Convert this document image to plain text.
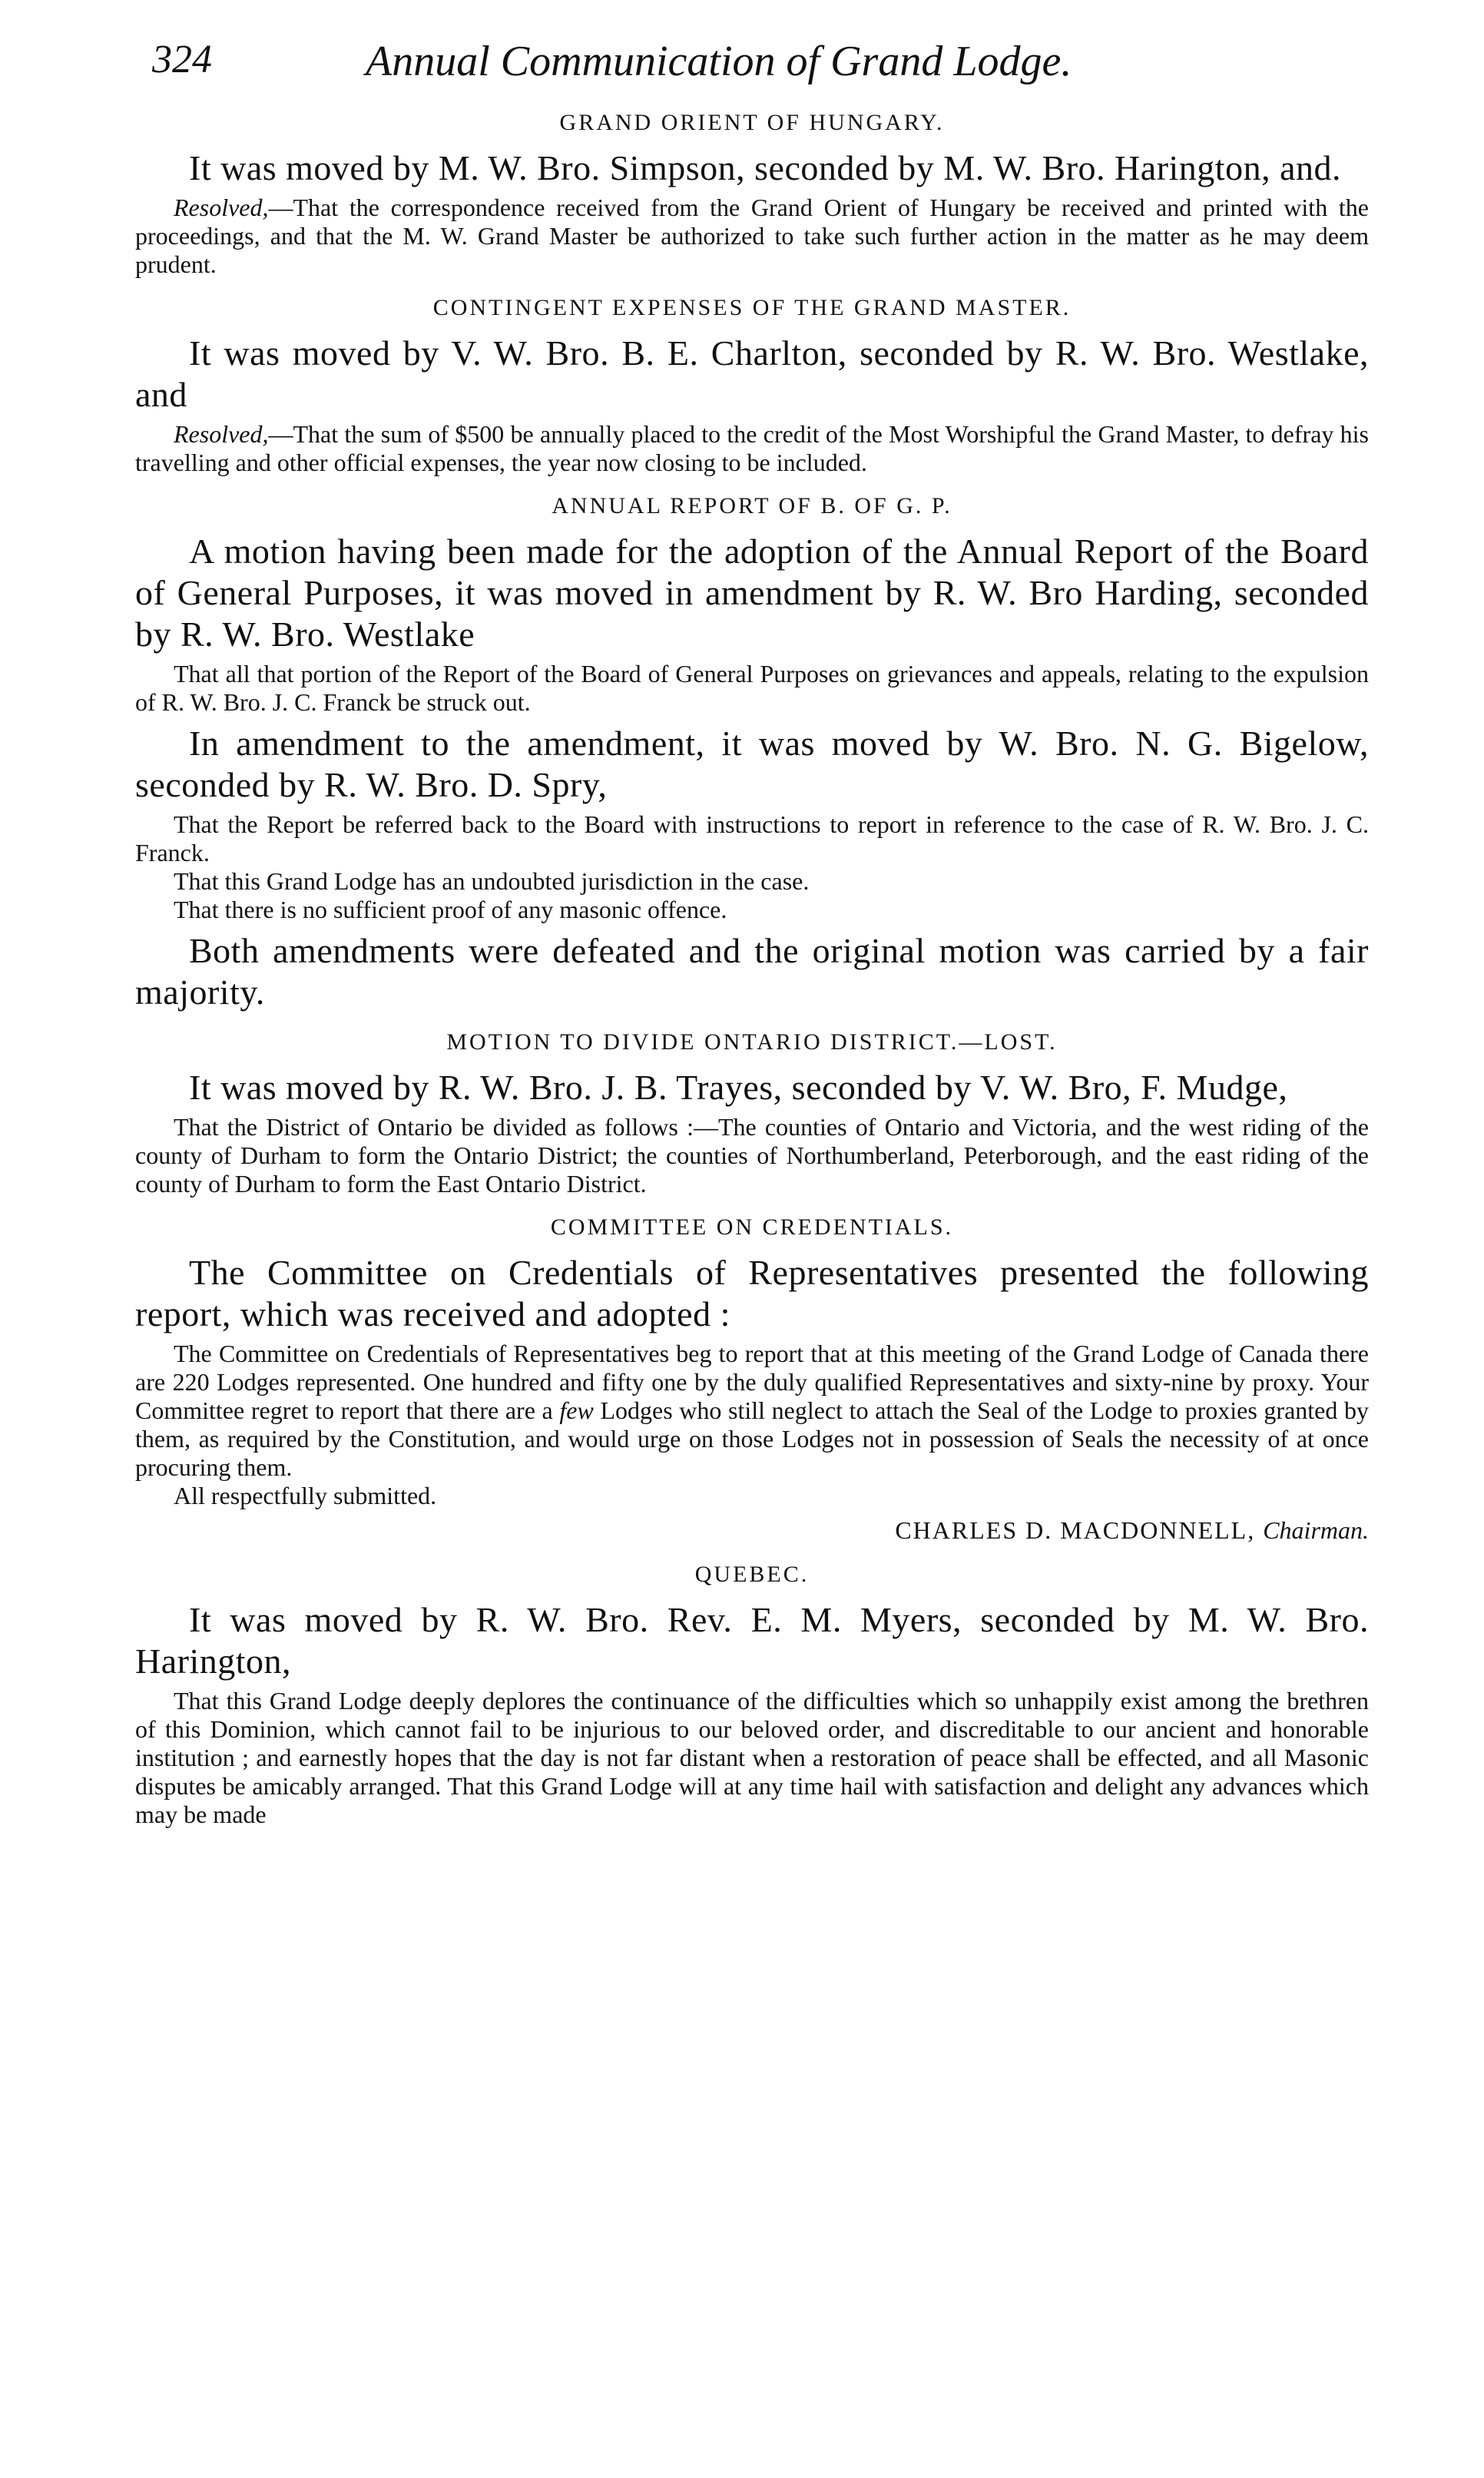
324	Annual Communication of Grand Lodge.
GRAND ORIENT OF HUNGARY.

It was moved by M. W. Bro. Simpson, seconded by M. W. Bro. Harington, and.

Resolved,—That the correspondence received from the Grand Orient of Hungary be received and printed with the proceedings, and that the M. W. Grand Master be authorized to take such further action in the matter as he may deem prudent.

CONTINGENT EXPENSES OF THE GRAND MASTER.

It was moved by V. W. Bro. B. E. Charlton, seconded by R. W. Bro. Westlake, and

Resolved,—That the sum of $500 be annually placed to the credit of the Most Worshipful the Grand Master, to defray his travelling and other official expenses, the year now closing to be included.

ANNUAL REPORT OF B. OF G. P.

A motion having been made for the adoption of the Annual Report of the Board of General Purposes, it was moved in amendment by R. W. Bro Harding, seconded by R. W. Bro. Westlake

That all that portion of the Report of the Board of General Purposes on grievances and appeals, relating to the expulsion of R. W. Bro. J. C. Franck be struck out.

In amendment to the amendment, it was moved by W. Bro. N. G. Bigelow, seconded by R. W. Bro. D. Spry,

That the Report be referred back to the Board with instructions to report in reference to the case of R. W. Bro. J. C. Franck.

That this Grand Lodge has an undoubted jurisdiction in the case.

That there is no sufficient proof of any masonic offence.

Both amendments were defeated and the original motion was carried by a fair majority.

MOTION TO DIVIDE ONTARIO DISTRICT.—LOST.

It was moved by R. W. Bro. J. B. Trayes, seconded by V. W. Bro, F. Mudge,

That the District of Ontario be divided as follows :—The counties of Ontario and Victoria, and the west riding of the county of Durham to form the Ontario District; the counties of Northumberland, Peterborough, and the east riding of the county of Durham to form the East Ontario District.

COMMITTEE ON CREDENTIALS.

The Committee on Credentials of Representatives presented the following report, which was received and adopted :

The Committee on Credentials of Representatives beg to report that at this meeting of the Grand Lodge of Canada there are 220 Lodges represented. One hundred and fifty one by the duly qualified Representatives and sixty-nine by proxy. Your Committee regret to report that there are a few Lodges who still neglect to attach the Seal of the Lodge to proxies granted by them, as required by the Constitution, and would urge on those Lodges not in possession of Seals the necessity of at once procuring them.

All respectfully submitted.

CHARLES D. MACDONNELL, Chairman.

QUEBEC.

It was moved by R. W. Bro. Rev. E. M. Myers, seconded by M. W. Bro. Harington,

That this Grand Lodge deeply deplores the continuance of the difficulties which so unhappily exist among the brethren of this Dominion, which cannot fail to be injurious to our beloved order, and discreditable to our ancient and honorable institution ; and earnestly hopes that the day is not far distant when a restoration of peace shall be effected, and all Masonic disputes be amicably arranged. That this Grand Lodge will at any time hail with satisfaction and delight any advances which may be made
